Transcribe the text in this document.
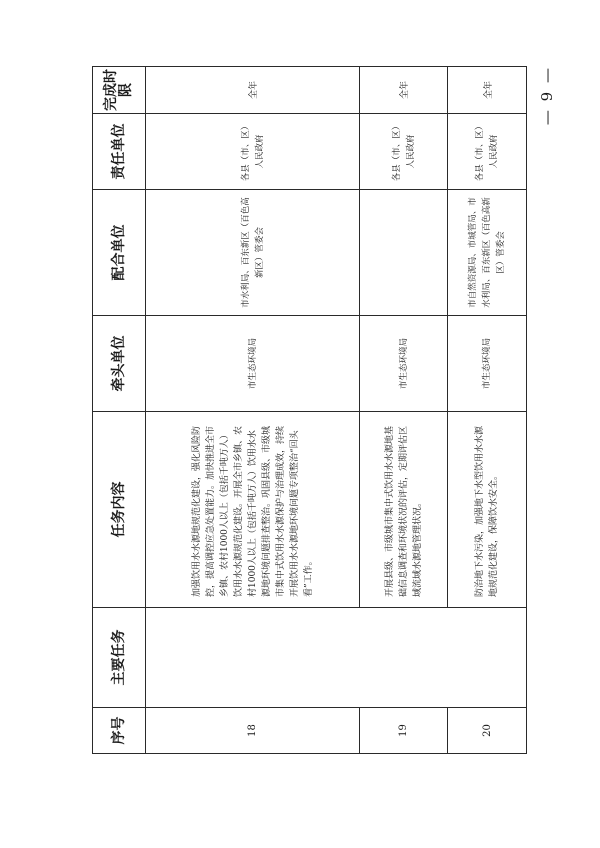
序号	主要任务	任务内容	牵头单位	配合单位	责任单位	完成时限
18		加强饮用水水源地规范化建设，强化风险防控，提高调控应急处置能力。加快推进全市乡镇、农村1000人以上（包括千吨万人）饮用水水源规范化建设。开展全市乡镇、农村1000人以上（包括千吨万人）饮用水水源地环境问题排查整治。巩固县级、市级城市集中式饮用水水源保护与治理成效，持续开展饮用水水源地环境问题专项整治“回头看”工作。	市生态环境局	市水利局、百东新区（百色高新区）管委会	各县（市、区）人民政府	全年
19		开展县级、市级城市集中式饮用水水源地基础信息调查和环境状况的评估，定期评估区域流域水源地管理状况。	市生态环境局		各县（市、区）人民政府	全年
20		防治地下水污染，加强地下水型饮用水水源地规范化建设，保障饮水安全。	市生态环境局	市自然资源局、市城管局、市水利局、百东新区（百色高新区）管委会	各县（市、区）人民政府	全年	— 9 —
